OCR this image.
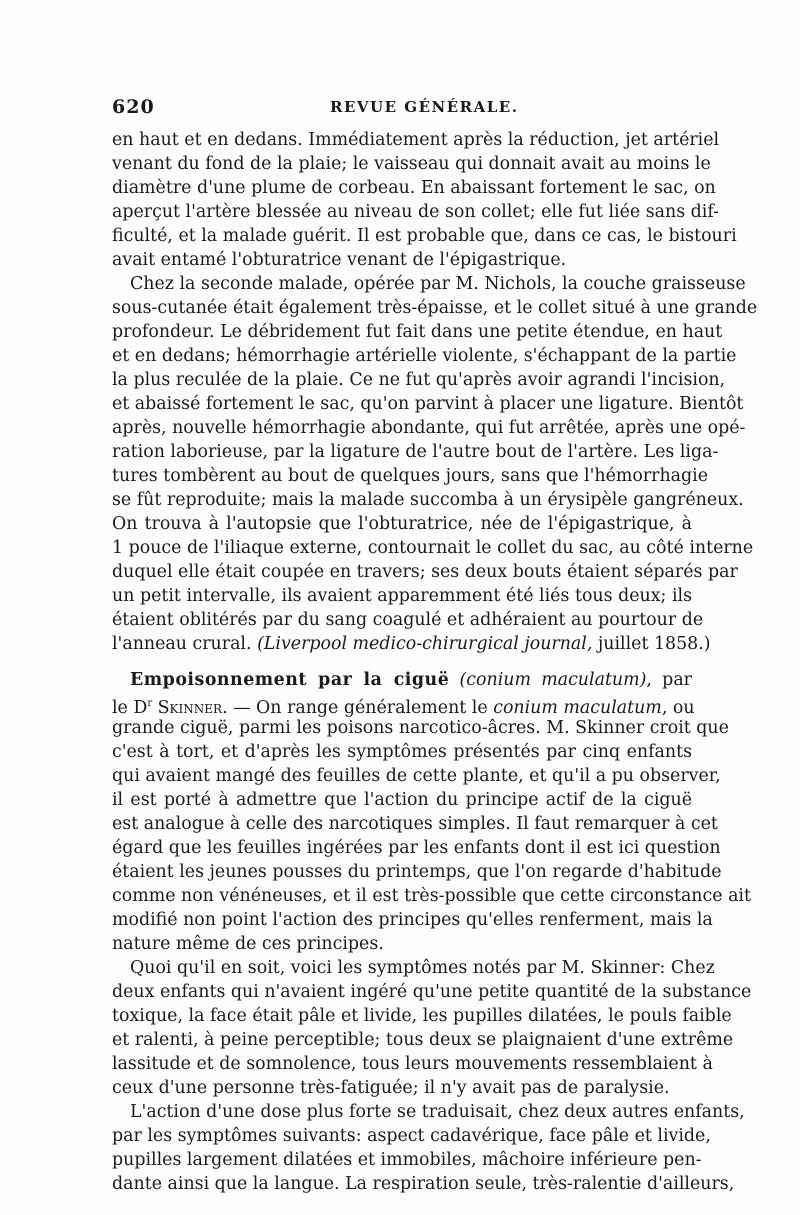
620	REVUE GÉNÉRALE.
en haut et en dedans. Immédiatement après la réduction, jet artériel
venant du fond de la plaie; le vaisseau qui donnait avait au moins le
diamètre d'une plume de corbeau. En abaissant fortement le sac, on
aperçut l'artère blessée au niveau de son collet; elle fut liée sans dif-
ficulté, et la malade guérit. Il est probable que, dans ce cas, le bistouri
avait entamé l'obturatrice venant de l'épigastrique.
Chez la seconde malade, opérée par M. Nichols, la couche graisseuse
sous-cutanée était également très-épaisse, et le collet situé à une grande
profondeur. Le débridement fut fait dans une petite étendue, en haut
et en dedans; hémorrhagie artérielle violente, s'échappant de la partie
la plus reculée de la plaie. Ce ne fut qu'après avoir agrandi l'incision,
et abaissé fortement le sac, qu'on parvint à placer une ligature. Bientôt
après, nouvelle hémorrhagie abondante, qui fut arrêtée, après une opé-
ration laborieuse, par la ligature de l'autre bout de l'artère. Les liga-
tures tombèrent au bout de quelques jours, sans que l'hémorrhagie
se fût reproduite; mais la malade succomba à un érysipèle gangréneux.
On trouva à l'autopsie que l'obturatrice, née de l'épigastrique, à
1 pouce de l'iliaque externe, contournait le collet du sac, au côté interne
duquel elle était coupée en travers; ses deux bouts étaient séparés par
un petit intervalle, ils avaient apparemment été liés tous deux; ils
étaient oblitérés par du sang coagulé et adhéraient au pourtour de
l'anneau crural. (Liverpool medico-chirurgical journal, juillet 1858.)
Empoisonnement par la ciguë (conium maculatum), par
le $D^r$ Skinner. — On range généralement le conium maculatum, ou
grande ciguë, parmi les poisons narcotico-âcres. M. Skinner croit que
c'est à tort, et d'après les symptômes présentés par cinq enfants
qui avaient mangé des feuilles de cette plante, et qu'il a pu observer,
il est porté à admettre que l'action du principe actif de la ciguë
est analogue à celle des narcotiques simples. Il faut remarquer à cet
égard que les feuilles ingérées par les enfants dont il est ici question
étaient les jeunes pousses du printemps, que l'on regarde d'habitude
comme non vénéneuses, et il est très-possible que cette circonstance ait
modifié non point l'action des principes qu'elles renferment, mais la
nature même de ces principes.
Quoi qu'il en soit, voici les symptômes notés par M. Skinner: Chez
deux enfants qui n'avaient ingéré qu'une petite quantité de la substance
toxique, la face était pâle et livide, les pupilles dilatées, le pouls faible
et ralenti, à peine perceptible; tous deux se plaignaient d'une extrême
lassitude et de somnolence, tous leurs mouvements ressemblaient à
ceux d'une personne très-fatiguée; il n'y avait pas de paralysie.
L'action d'une dose plus forte se traduisait, chez deux autres enfants,
par les symptômes suivants: aspect cadavérique, face pâle et livide,
pupilles largement dilatées et immobiles, mâchoire inférieure pen-
dante ainsi que la langue. La respiration seule, très-ralentie d'ailleurs,
